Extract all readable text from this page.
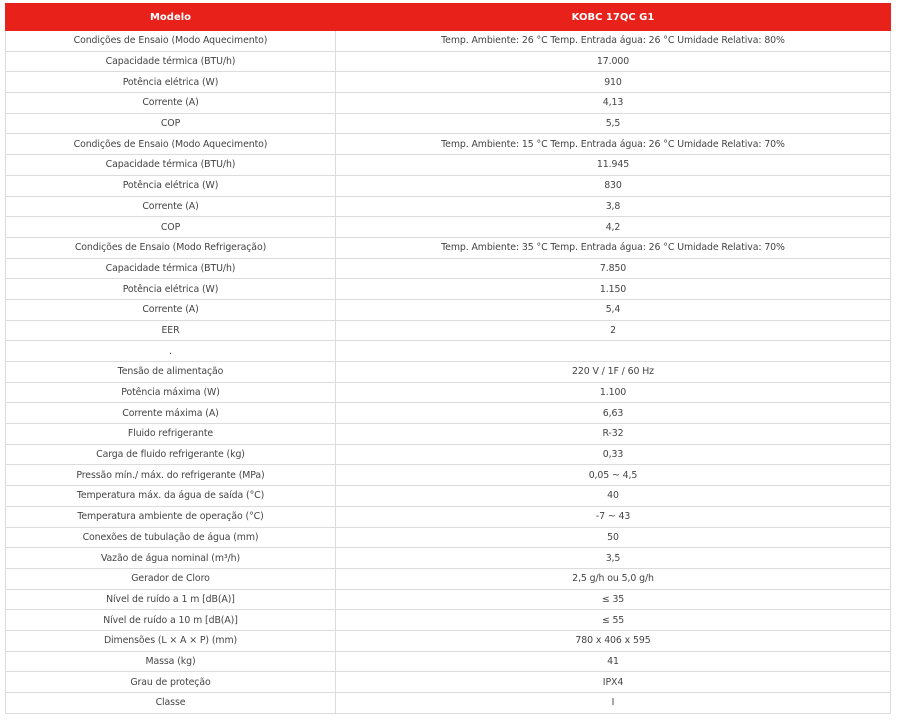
Modelo	KOBC 17QC G1
Condições de Ensaio (Modo Aquecimento)	Temp. Ambiente: 26 °C Temp. Entrada água: 26 °C Umidade Relativa: 80%
Capacidade térmica (BTU/h)	17.000
Potência elétrica (W)	910
Corrente (A)	4,13
COP	5,5
Condições de Ensaio (Modo Aquecimento)	Temp. Ambiente: 15 °C Temp. Entrada água: 26 °C Umidade Relativa: 70%
Capacidade térmica (BTU/h)	11.945
Potência elétrica (W)	830
Corrente (A)	3,8
COP	4,2
Condições de Ensaio (Modo Refrigeração)	Temp. Ambiente: 35 °C Temp. Entrada água: 26 °C Umidade Relativa: 70%
Capacidade térmica (BTU/h)	7.850
Potência elétrica (W)	1.150
Corrente (A)	5,4
EER	2
.	
Tensão de alimentação	220 V / 1F / 60 Hz
Potência máxima (W)	1.100
Corrente máxima (A)	6,63
Fluido refrigerante	R-32
Carga de fluido refrigerante (kg)	0,33
Pressão mín./ máx. do refrigerante (MPa)	0,05 ~ 4,5
Temperatura máx. da água de saída (°C)	40
Temperatura ambiente de operação (°C)	-7 ~ 43
Conexões de tubulação de água (mm)	50
Vazão de água nominal (m³/h)	3,5
Gerador de Cloro	2,5 g/h ou 5,0 g/h
Nível de ruído a 1 m [dB(A)]	≤ 35
Nível de ruído a 10 m [dB(A)]	≤ 55
Dimensões (L × A × P) (mm)	780 x 406 x 595
Massa (kg)	41
Grau de proteção	IPX4
Classe	I
